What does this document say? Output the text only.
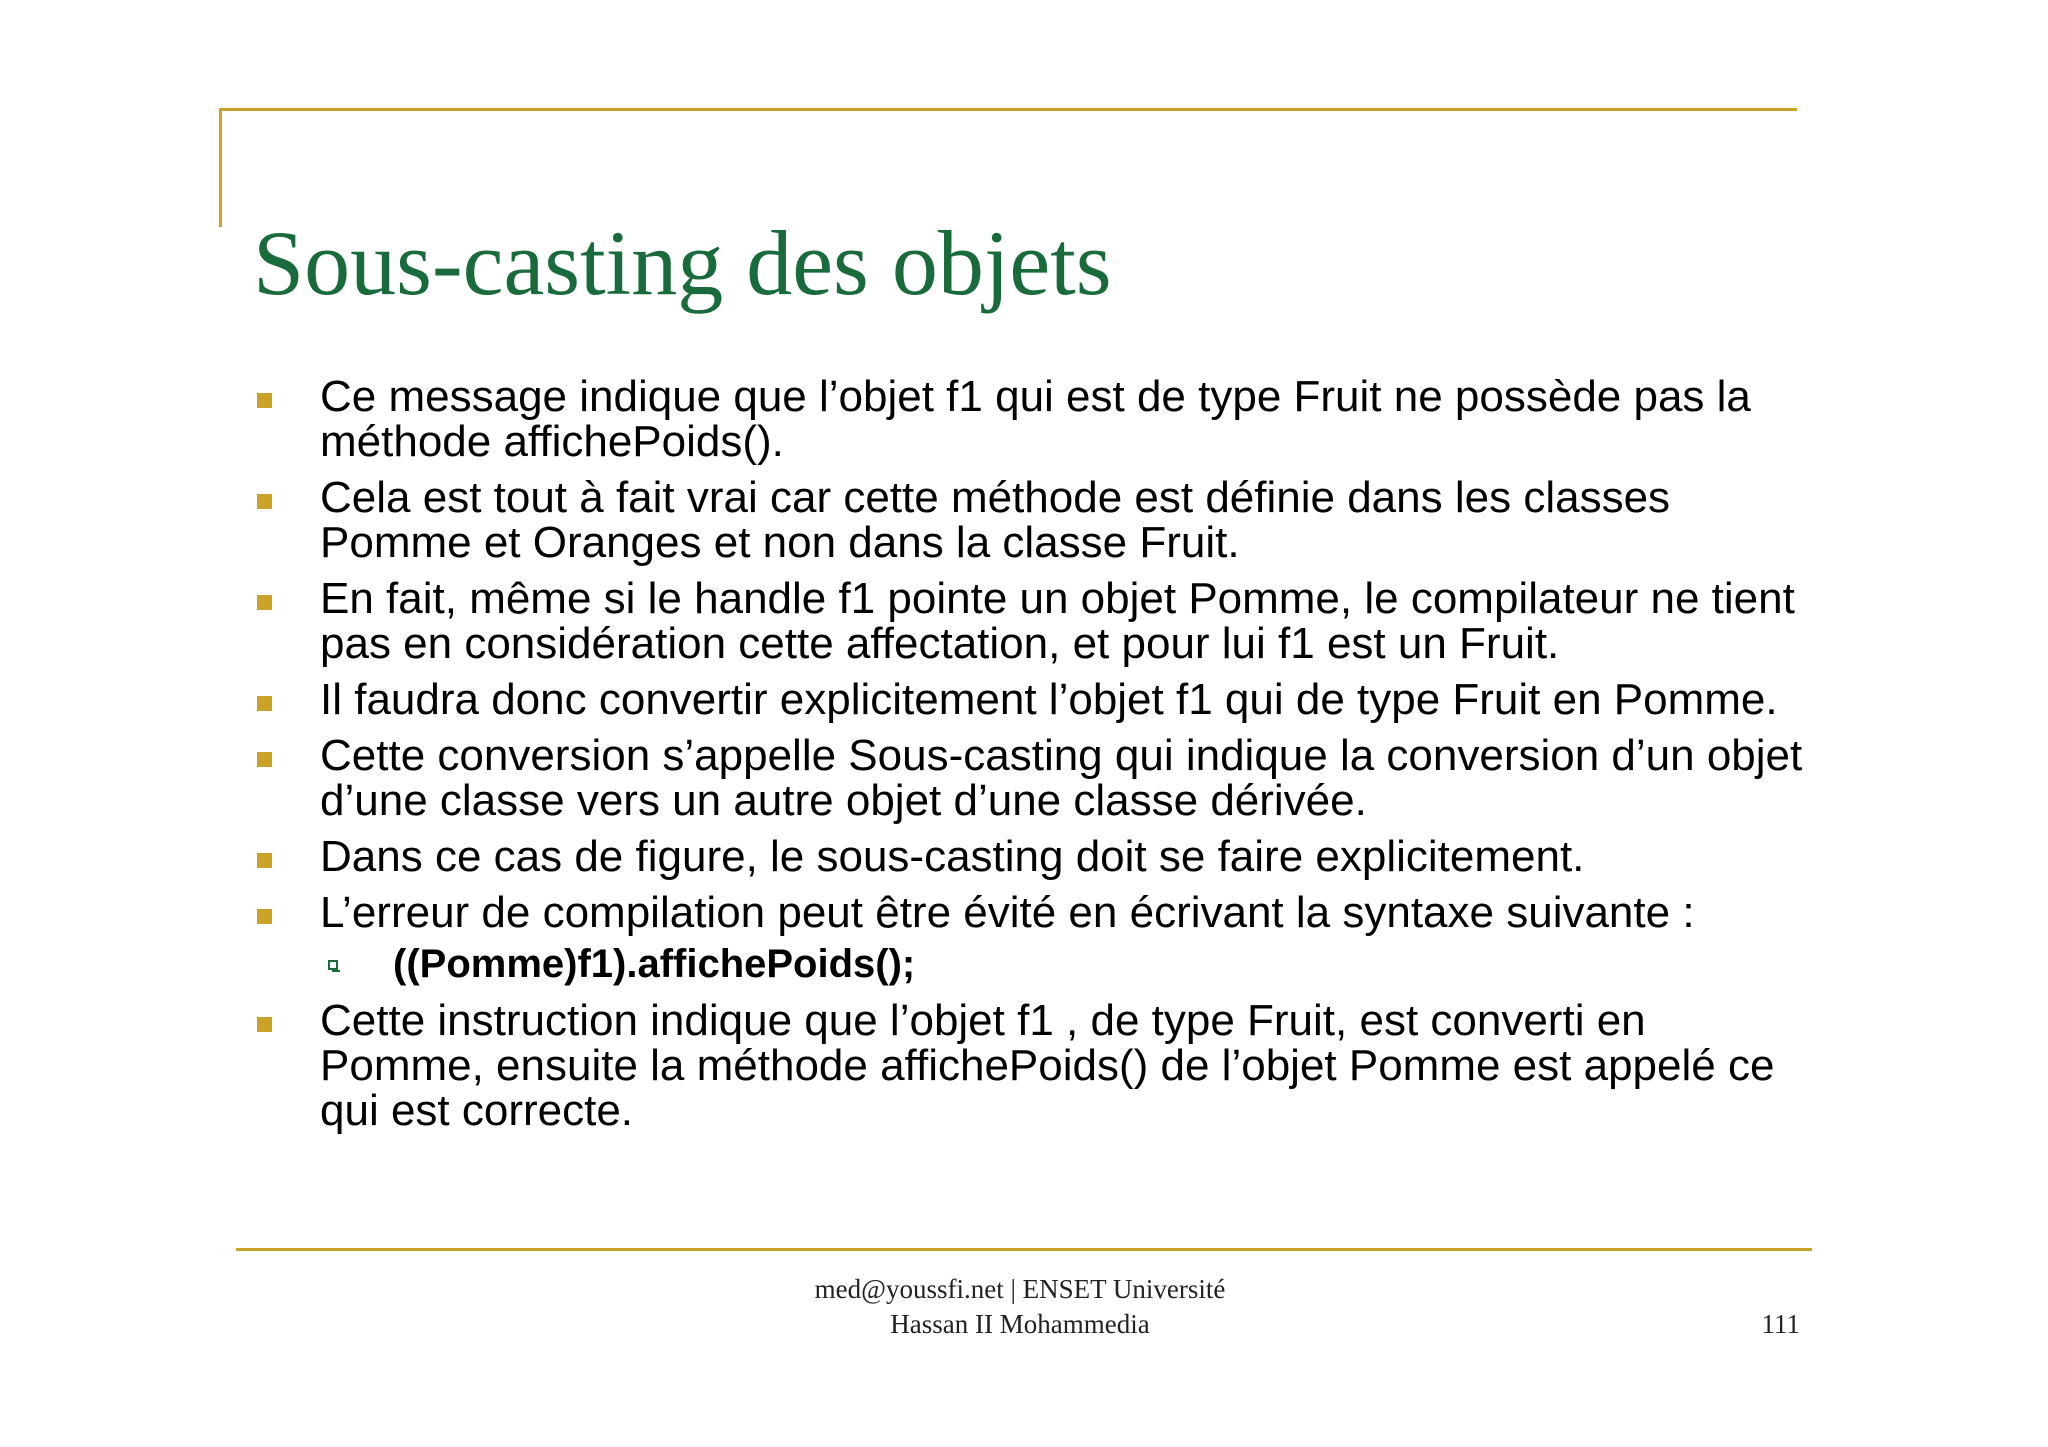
Sous-casting des objets
Ce message indique que l’objet f1 qui est de type Fruit ne possède pas la méthode affichePoids().
Cela est tout à fait vrai car cette méthode est définie dans les classes Pomme et Oranges et non dans la classe Fruit.
En fait, même si le handle f1 pointe un objet Pomme, le compilateur ne tient pas en considération cette affectation, et pour lui f1 est un Fruit.
Il faudra donc convertir explicitement l’objet f1 qui de type Fruit en Pomme.
Cette conversion s’appelle Sous-casting qui indique la conversion d’un objet d’une classe vers un autre objet d’une classe dérivée.
Dans ce cas de figure, le sous-casting doit se faire explicitement.
L’erreur de compilation peut être évité en écrivant la syntaxe suivante :
((Pomme)f1).affichePoids();
Cette instruction indique que l’objet f1 , de type Fruit, est converti en Pomme, ensuite la méthode affichePoids() de l’objet Pomme est appelé ce qui est correcte.
med@youssfi.net | ENSET Université
Hassan II Mohammedia	111
